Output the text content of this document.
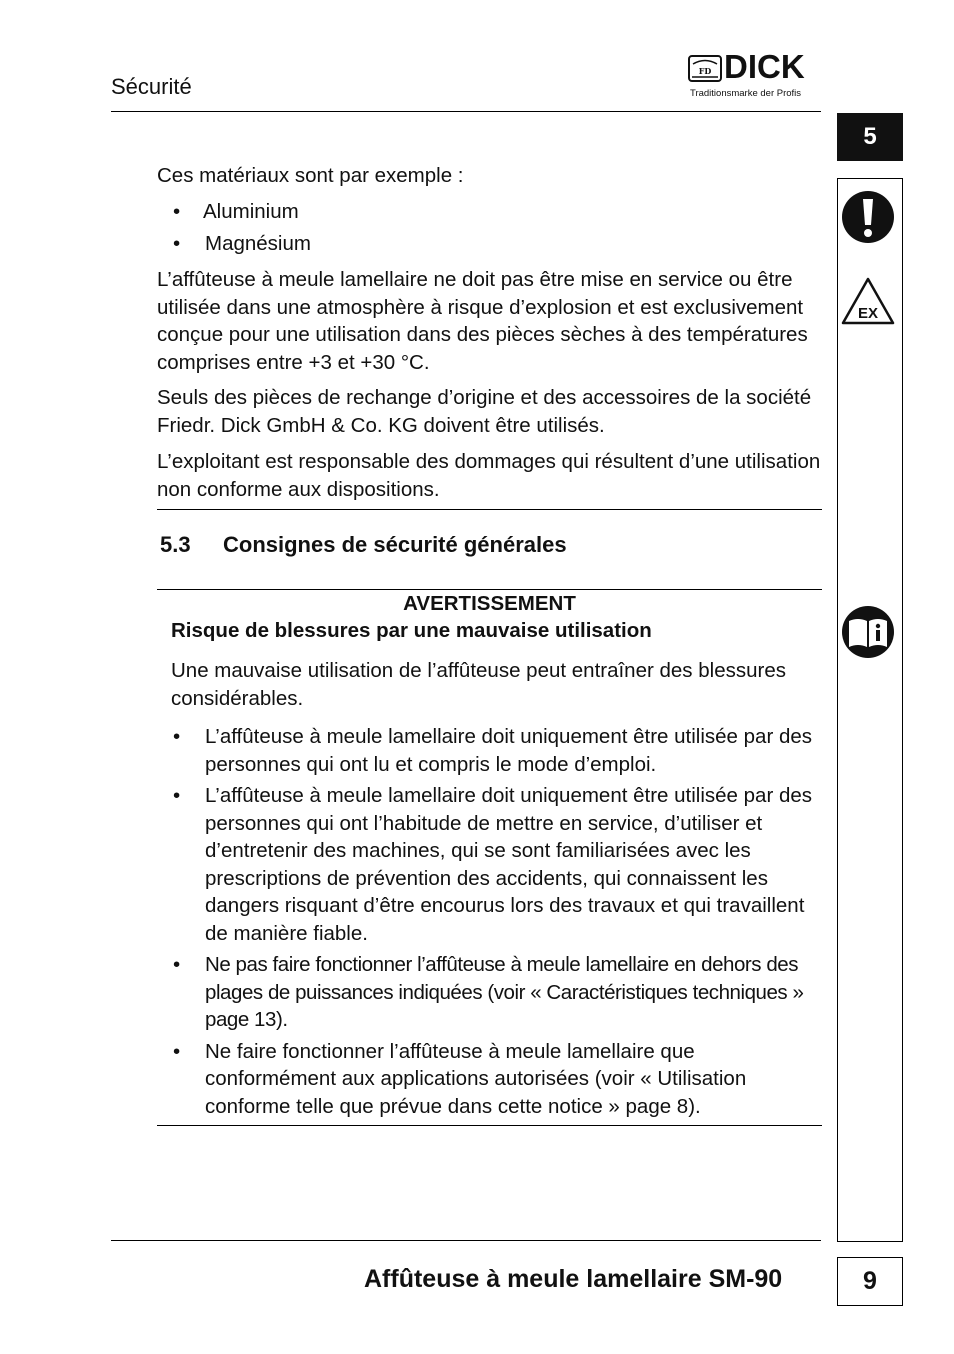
Sécurité
FD DICK
Traditionsmarke der Profis
5
EX
Ces matériaux sont par exemple :
•	Aluminium
•	Magnésium
L’affûteuse à meule lamellaire ne doit pas être mise en service ou être utilisée dans une atmosphère à risque d’explosion et est exclusivement conçue pour une utilisation dans des pièces sèches à des températures comprises entre +3 et +30 °C.
Seuls des pièces de rechange d’origine et des accessoires de la société Friedr. Dick GmbH & Co. KG doivent être utilisés.
L’exploitant est responsable des dommages qui résultent d’une utilisation non conforme aux dispositions.
5.3 Consignes de sécurité générales
AVERTISSEMENT
Risque de blessures par une mauvaise utilisation
Une mauvaise utilisation de l’affûteuse peut entraîner des blessures considérables.
•	L’affûteuse à meule lamellaire doit uniquement être utilisée par des personnes qui ont lu et compris le mode d’emploi.
•	L’affûteuse à meule lamellaire doit uniquement être utilisée par des personnes qui ont l’habitude de mettre en service, d’utiliser et d’entretenir des machines, qui se sont familiarisées avec les prescriptions de prévention des accidents, qui connaissent les dangers risquant d’être encourus lors des travaux et qui travaillent de manière fiable.
•	Ne pas faire fonctionner l’affûteuse à meule lamellaire en dehors des plages de puissances indiquées (voir « Caractéristiques techniques » page 13).
•	Ne faire fonctionner l’affûteuse à meule lamellaire que conformément aux applications autorisées (voir « Utilisation conforme telle que prévue dans cette notice » page 8).
Affûteuse à meule lamellaire SM-90	9
